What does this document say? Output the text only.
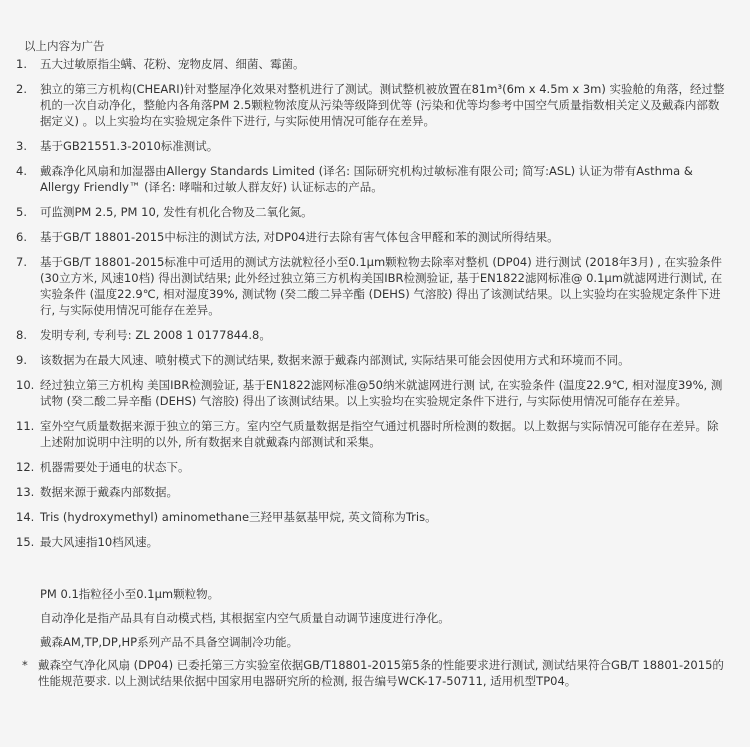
以上内容为广告
1.	五大过敏原指尘螨、花粉、宠物皮屑、细菌、霉菌。
2.	独立的第三方机构(CHEARI)针对整屋净化效果对整机进行了测试。测试整机被放置在81m³(6m x 4.5m x 3m) 实验舱的角落，经过整机的一次自动净化，整舱内各角落PM 2.5颗粒物浓度从污染等级降到优等 (污染和优等均参考中国空气质量指数相关定义及戴森内部数据定义) 。以上实验均在实验规定条件下进行, 与实际使用情况可能存在差异。
3.	基于GB21551.3-2010标准测试。
4.	戴森净化风扇和加湿器由Allergy Standards Limited (译名: 国际研究机构过敏标准有限公司; 简写:ASL) 认证为带有Asthma & Allergy Friendly™ (译名: 哮喘和过敏人群友好) 认证标志的产品。
5.	可监测PM 2.5, PM 10, 发性有机化合物及二氧化氮。
6.	基于GB/T 18801-2015中标注的测试方法, 对DP04进行去除有害气体包含甲醛和苯的测试所得结果。
7.	基于GB/T 18801-2015标准中可适用的测试方法就粒径小至0.1μm颗粒物去除率对整机 (DP04) 进行测试 (2018年3月) , 在实验条件 (30立方米, 风速10档) 得出测试结果; 此外经过独立第三方机构美国IBR检测验证, 基于EN1822滤网标准@ 0.1μm就滤网进行测试, 在实验条件 (温度22.9℃, 相对湿度39%, 测试物 (癸二酸二异辛酯 (DEHS) 气溶胶) 得出了该测试结果。以上实验均在实验规定条件下进行, 与实际使用情况可能存在差异。
8.	发明专利, 专利号: ZL 2008 1 0177844.8。
9.	该数据为在最大风速、喷射模式下的测试结果, 数据来源于戴森内部测试, 实际结果可能会因使用方式和环境而不同。
10. 经过独立第三方机构 美国IBR检测验证, 基于EN1822滤网标准@50纳米就滤网进行测 试, 在实验条件 (温度22.9℃, 相对湿度39%, 测试物 (癸二酸二异辛酯 (DEHS) 气溶胶) 得出了该测试结果。以上实验均在实验规定条件下进行, 与实际使用情况可能存在差异。
11. 室外空气质量数据来源于独立的第三方。室内空气质量数据是指空气通过机器时所检测的数据。以上数据与实际情况可能存在差异。除上述附加说明中注明的以外, 所有数据来自就戴森内部测试和采集。
12. 机器需要处于通电的状态下。
13. 数据来源于戴森内部数据。
14. Tris (hydroxymethyl) aminomethane三羟甲基氨基甲烷, 英文简称为Tris。
15. 最大风速指10档风速。
PM 0.1指粒径小至0.1μm颗粒物。
自动净化是指产品具有自动模式档, 其根据室内空气质量自动调节速度进行净化。
戴森AM,TP,DP,HP系列产品不具备空调制冷功能。
* 戴森空气净化风扇 (DP04) 已委托第三方实验室依据GB/T18801-2015第5条的性能要求进行测试, 测试结果符合GB/T 18801-2015的性能规范要求. 以上测试结果依据中国家用电器研究所的检测, 报告编号WCK-17-50711, 适用机型TP04。
